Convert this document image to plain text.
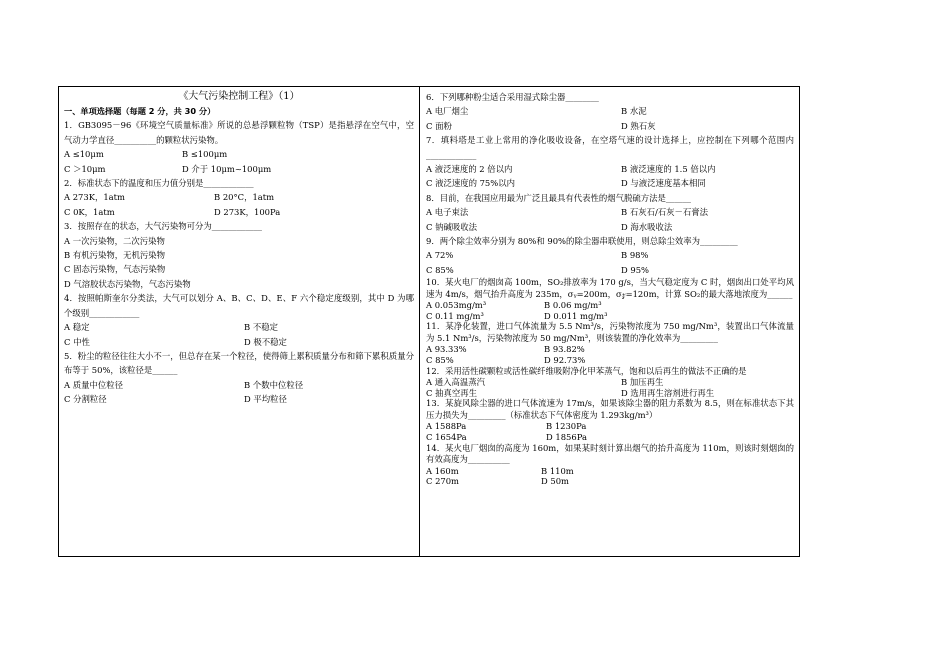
《大气污染控制工程》（1）

一、单项选择题（每题 2 分，共 30 分）

1．GB3095－96《环境空气质量标准》所说的总悬浮颗粒物（TSP）是指悬浮在空气中，空气动力学直径__________的颗粒状污染物。

A ≤10μm	B ≤100μm
C ＞10μm	D 介于 10μm~100μm

2．标准状态下的温度和压力值分别是____________

A 273K，1atm	B 20°C，1atm
C 0K，1atm	D 273K，100Pa

3．按照存在的状态，大气污染物可分为____________

A 一次污染物，二次污染物
B 有机污染物，无机污染物
C 固态污染物，气态污染物
D 气溶胶状态污染物，气态污染物

4．按照帕斯奎尔分类法，大气可以划分 A、B、C、D、E、F 六个稳定度级别，其中 D 为哪个级别____________

A 稳定	B 不稳定
C 中性	D 极不稳定

5．粉尘的粒径往往大小不一，但总存在某一个粒径，使得筛上累积质量分布和筛下累积质量分布等于 50%，该粒径是______

A 质量中位粒径	B 个数中位粒径
C 分割粒径	D 平均粒径

6．下列哪种粉尘适合采用湿式除尘器________

A 电厂烟尘	B 水泥
C 面粉	D 熟石灰

7．填料塔是工业上常用的净化吸收设备，在空塔气速的设计选择上，应控制在下列哪个范围内____________

A 液泛速度的 2 倍以内	B 液泛速度的 1.5 倍以内
C 液泛速度的 75%以内	D 与液泛速度基本相同

8．目前，在我国应用最为广泛且最具有代表性的烟气脱硫方法是______

A 电子束法	B 石灰石/石灰－石膏法
C 钠碱吸收法	D 海水吸收法

9．两个除尘效率分别为 80%和 90%的除尘器串联使用，则总除尘效率为_________

A 72%	B 98%
C 85%	D 95%

10．某火电厂的烟囱高 100m，SO₂排放率为 170 g/s，当大气稳定度为 C 时，烟囱出口处平均风速为 4m/s，烟气抬升高度为 235m，σᵧ=200m，σ𝓏=120m，计算 SO₂的最大落地浓度为______

A 0.053mg/m³	B 0.06 mg/m³
C 0.11 mg/m³	D 0.011 mg/m³

11．某净化装置，进口气体流量为 5.5 Nm³/s，污染物浓度为 750 mg/Nm³，装置出口气体流量为 5.1 Nm³/s，污染物浓度为 50 mg/Nm³，则该装置的净化效率为_________

A 93.33%	B 93.82%
C 85%	D 92.73%

12．采用活性碳颗粒或活性碳纤维吸附净化甲苯蒸气，饱和以后再生的做法不正确的是

A 通入高温蒸汽	B 加压再生
C 抽真空再生	D 选用再生溶剂进行再生

13．某旋风除尘器的进口气体流速为 17m/s，如果该除尘器的阻力系数为 8.5，则在标准状态下其压力损失为_________（标准状态下气体密度为 1.293kg/m³）

A 1588Pa	B 1230Pa
C 1654Pa	D 1856Pa

14．某火电厂烟囱的高度为 160m，如果某时刻计算出烟气的抬升高度为 110m，则该时刻烟囱的有效高度为__________

A 160m	B 110m
C 270m	D 50m
